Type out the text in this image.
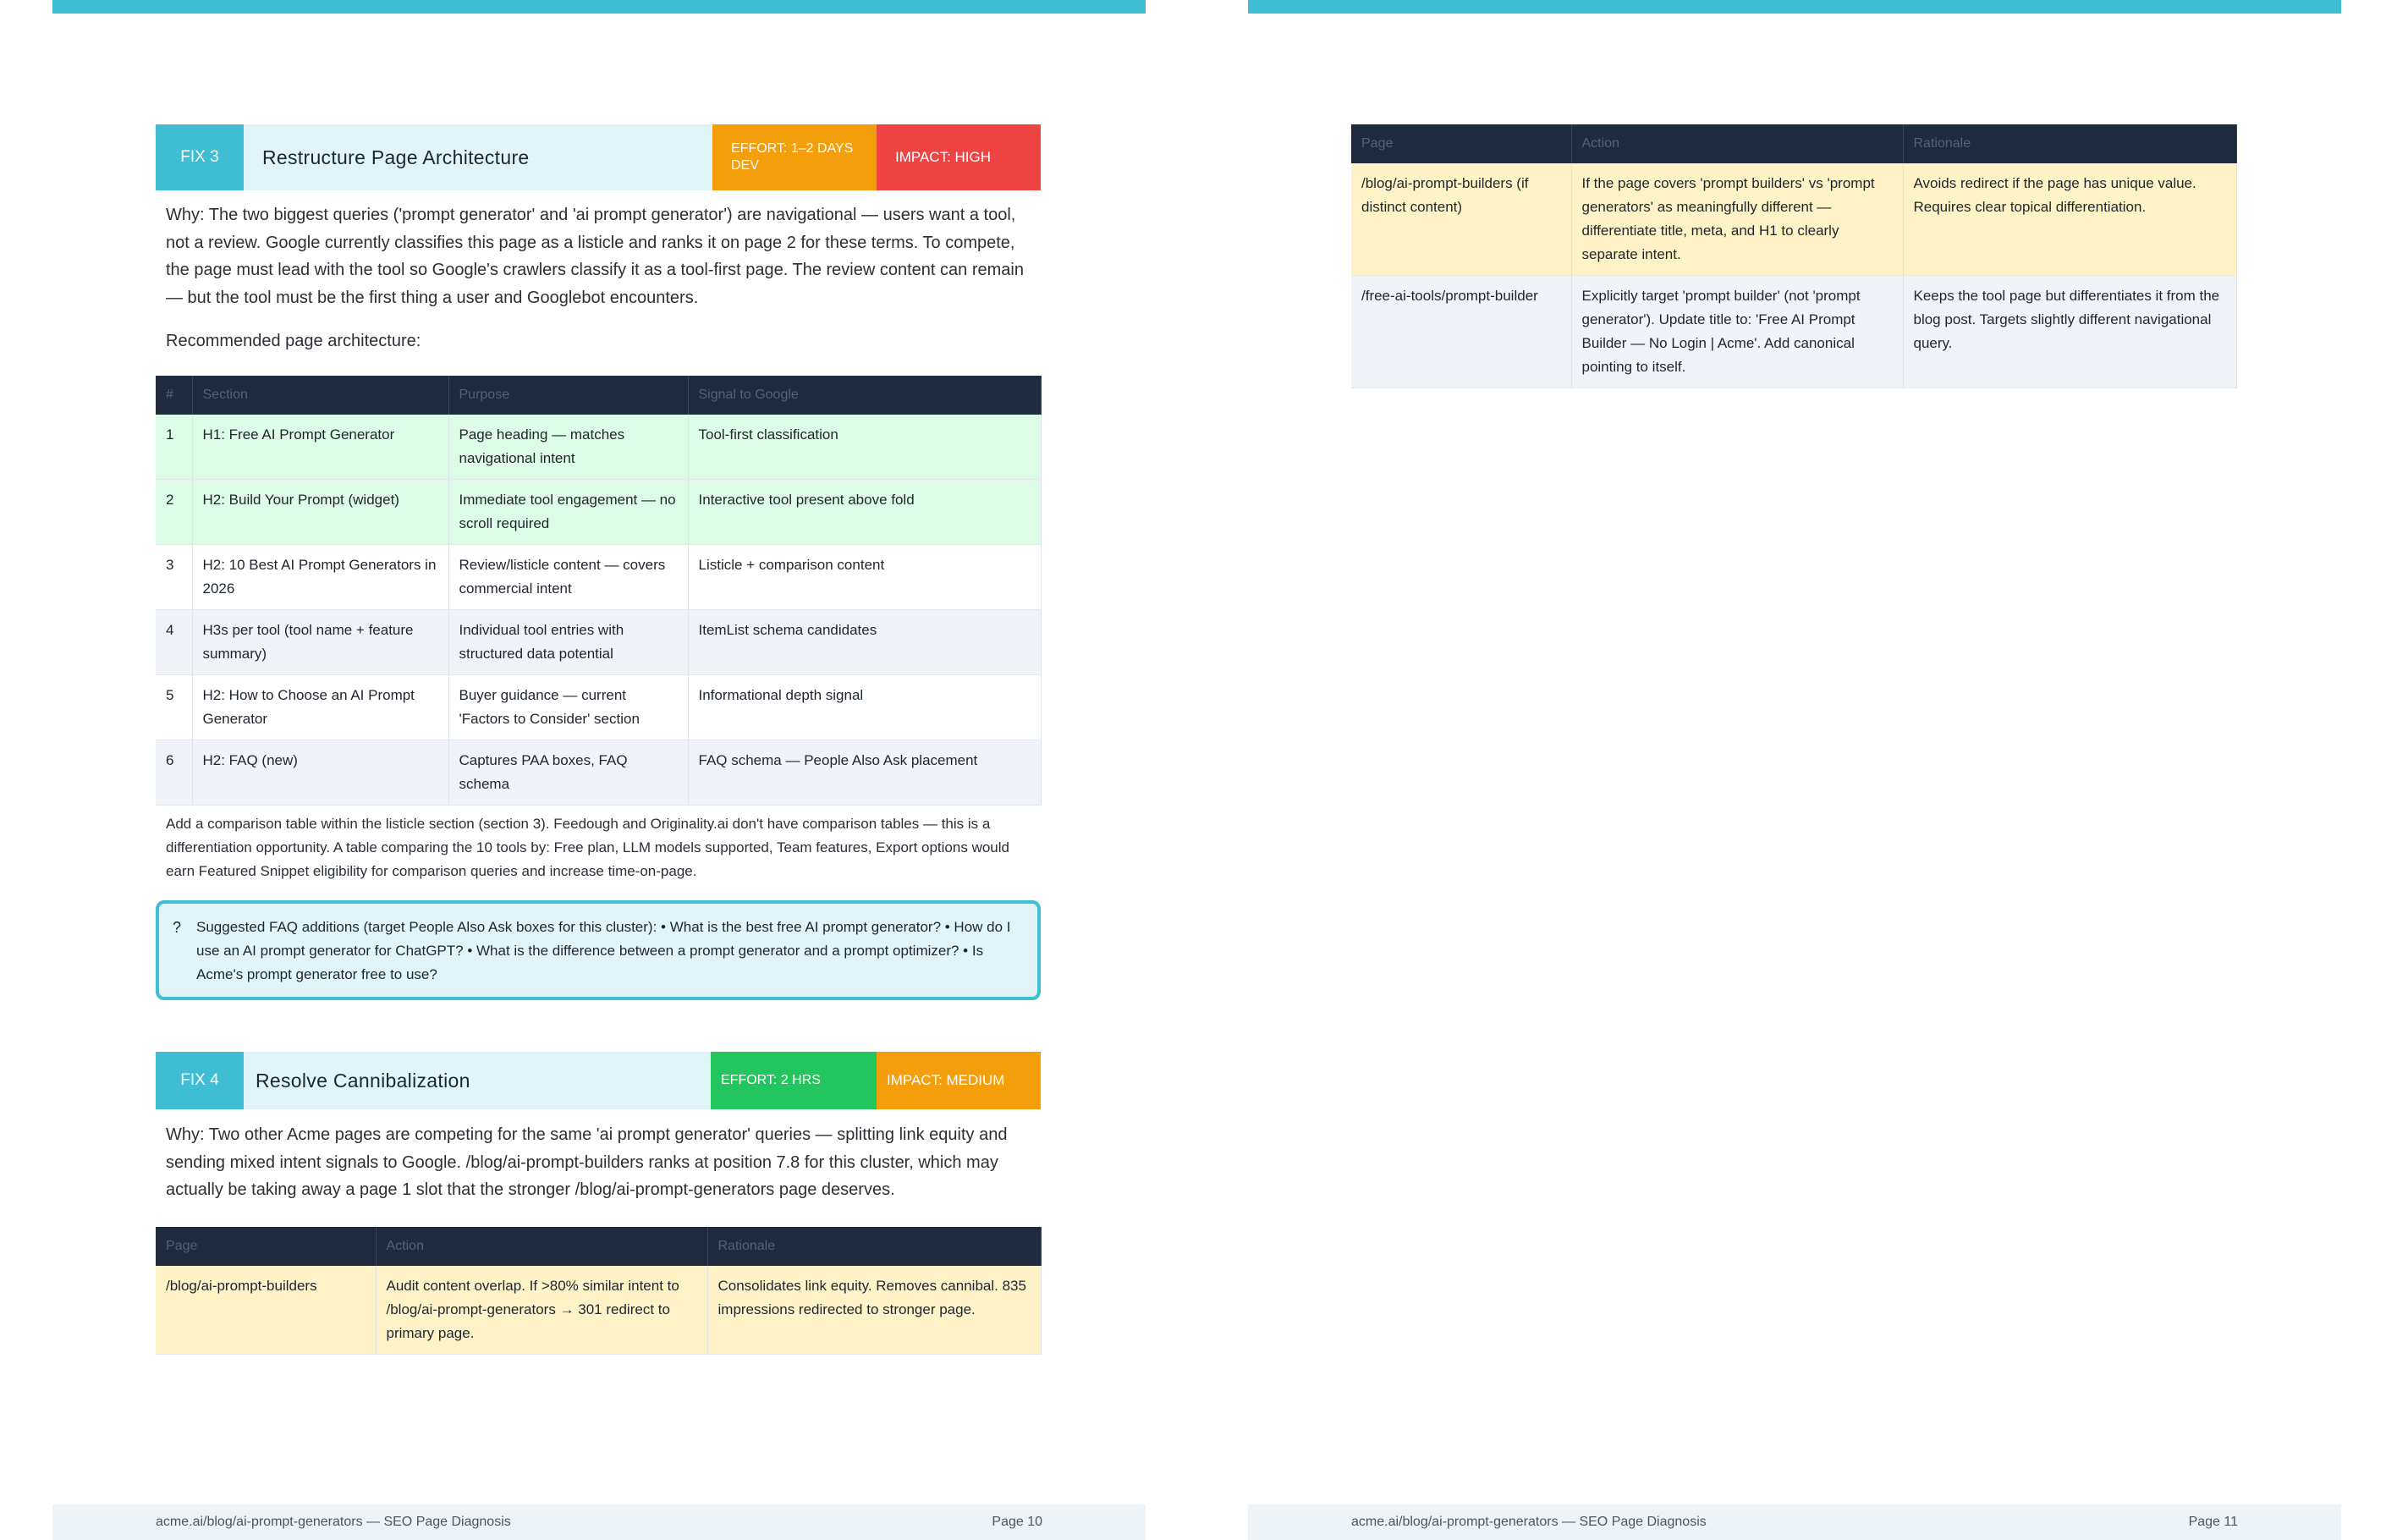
FIX 3	Restructure Page Architecture	EFFORT: 1–2 DAYS DEV
IMPACT: HIGH
Why: The two biggest queries ('prompt generator' and 'ai prompt generator') are navigational — users want a tool, not a review. Google currently classifies this page as a listicle and ranks it on page 2 for these terms. To compete, the page must lead with the tool so Google's crawlers classify it as a tool-first page. The review content can remain — but the tool must be the first thing a user and Googlebot encounters.
Recommended page architecture:
#	Section	Purpose	Signal to Google
1	H1: Free AI Prompt Generator	Page heading — matches navigational intent	Tool-first classification
2	H2: Build Your Prompt (widget)	Immediate tool engagement — no scroll required	Interactive tool present above fold
3	H2: 10 Best AI Prompt Generators in 2026	Review/listicle content — covers commercial intent	Listicle + comparison content
4	H3s per tool (tool name + feature summary)	Individual tool entries with structured data potential	ItemList schema candidates
5	H2: How to Choose an AI Prompt Generator	Buyer guidance — current 'Factors to Consider' section	Informational depth signal
6	H2: FAQ (new)	Captures PAA boxes, FAQ schema	FAQ schema — People Also Ask placement
Add a comparison table within the listicle section (section 3). Feedough and Originality.ai don't have comparison tables — this is a differentiation opportunity. A table comparing the 10 tools by: Free plan, LLM models supported, Team features, Export options would earn Featured Snippet eligibility for comparison queries and increase time-on-page.
?	Suggested FAQ additions (target People Also Ask boxes for this cluster): • What is the best free AI prompt generator? • How do I use an AI prompt generator for ChatGPT? • What is the difference between a prompt generator and a prompt optimizer? • Is Acme's prompt generator free to use?
FIX 4	Resolve Cannibalization	EFFORT: 2 HRS	IMPACT: MEDIUM
Why: Two other Acme pages are competing for the same 'ai prompt generator' queries — splitting link equity and sending mixed intent signals to Google. /blog/ai-prompt-builders ranks at position 7.8 for this cluster, which may actually be taking away a page 1 slot that the stronger /blog/ai-prompt-generators page deserves.
Page	Action	Rationale
/blog/ai-prompt-builders	Audit content overlap. If >80% similar intent to /blog/ai-prompt-generators → 301 redirect to primary page.	Consolidates link equity. Removes cannibal. 835 impressions redirected to stronger page.
acme.ai/blog/ai-prompt-generators — SEO Page Diagnosis	Page 10
Page	Action	Rationale
/blog/ai-prompt-builders (if distinct content)	If the page covers 'prompt builders' vs 'prompt generators' as meaningfully different — differentiate title, meta, and H1 to clearly separate intent.	Avoids redirect if the page has unique value. Requires clear topical differentiation.
/free-ai-tools/prompt-builder	Explicitly target 'prompt builder' (not 'prompt generator'). Update title to: 'Free AI Prompt Builder — No Login | Acme'. Add canonical pointing to itself.	Keeps the tool page but differentiates it from the blog post. Targets slightly different navigational query.
acme.ai/blog/ai-prompt-generators — SEO Page Diagnosis	Page 11
